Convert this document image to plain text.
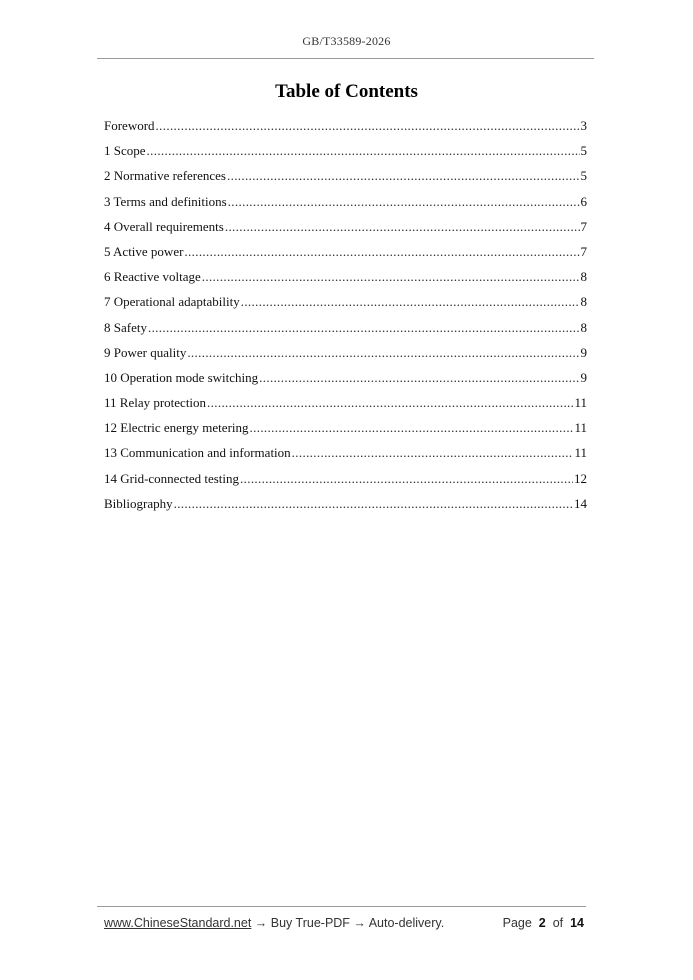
GB/T33589-2026
Table of Contents
Foreword .....	3
1 Scope .....	5
2 Normative references .....	5
3 Terms and definitions .....	6
4 Overall requirements .....	7
5 Active power .....	7
6 Reactive voltage .....	8
7 Operational adaptability .....	8
8 Safety .....	8
9 Power quality .....	9
10 Operation mode switching .....	9
11 Relay protection .....	11
12 Electric energy metering .....	11
13 Communication and information .....	11
14 Grid-connected testing .....	12
Bibliography .....	14
www.ChineseStandard.net → Buy True-PDF → Auto-delivery.	Page 2 of 14
